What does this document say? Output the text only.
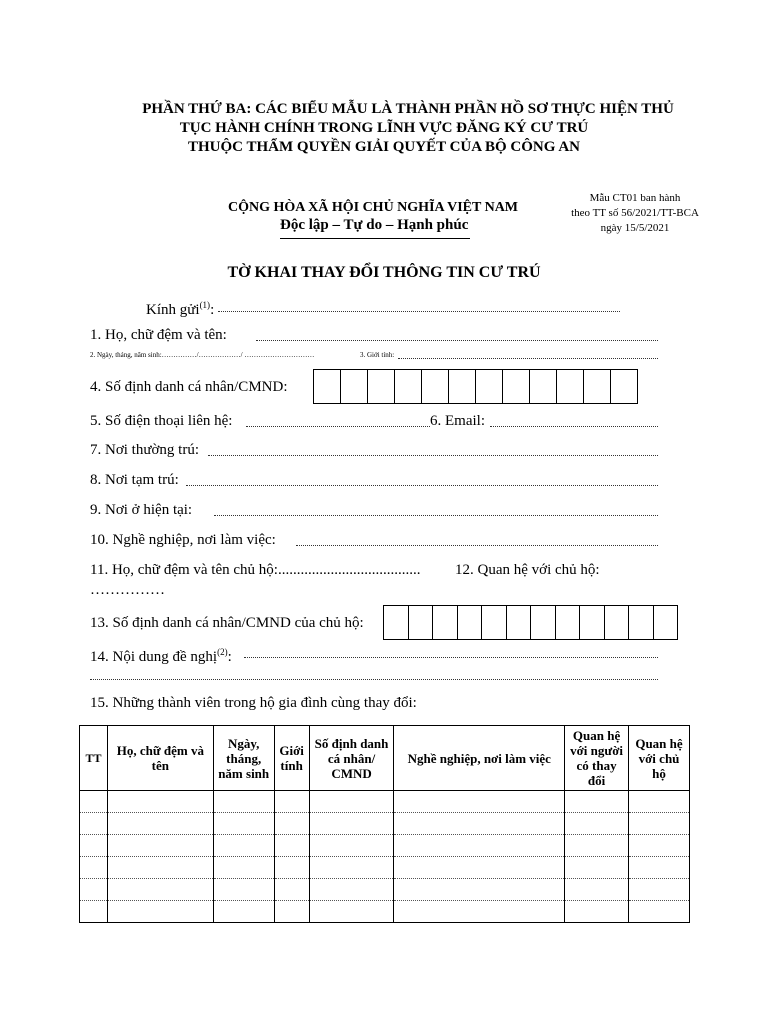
PHẦN THỨ BA: CÁC BIỂU MẪU LÀ THÀNH PHẦN HỒ SƠ THỰC HIỆN THỦ
TỤC HÀNH CHÍNH TRONG LĨNH VỰC ĐĂNG KÝ CƯ TRÚ
THUỘC THẨM QUYỀN GIẢI QUYẾT CỦA BỘ CÔNG AN
CỘNG HÒA XÃ HỘI CHỦ NGHĨA VIỆT NAM
Độc lập – Tự do – Hạnh phúc
Mẫu CT01 ban hành
theo TT số 56/2021/TT-BCA
ngày 15/5/2021
TỜ KHAI THAY ĐỔI THÔNG TIN CƯ TRÚ
Kính gửi$^{(1)}$:
1. Họ, chữ đệm và tên:
2. Ngày, tháng, năm sinh:……………/………………/ …………………………	3. Giới tính:
4. Số định danh cá nhân/CMND:
5. Số điện thoại liên hệ:	6. Email:
7. Nơi thường trú:
8. Nơi tạm trú:
9. Nơi ở hiện tại:
10. Nghề nghiệp, nơi làm việc:
11. Họ, chữ đệm và tên chủ hộ:...................................... 12. Quan hệ với chủ hộ:
……………
13. Số định danh cá nhân/CMND của chủ hộ:
14. Nội dung đề nghị$^{(2)}$:
15. Những thành viên trong hộ gia đình cùng thay đổi:
TT	Họ, chữ đệm và tên	Ngày, tháng, năm sinh	Giới tính	Số định danh cá nhân/ CMND	Nghề nghiệp, nơi làm việc	Quan hệ với người có thay đổi	Quan hệ với chủ hộ
